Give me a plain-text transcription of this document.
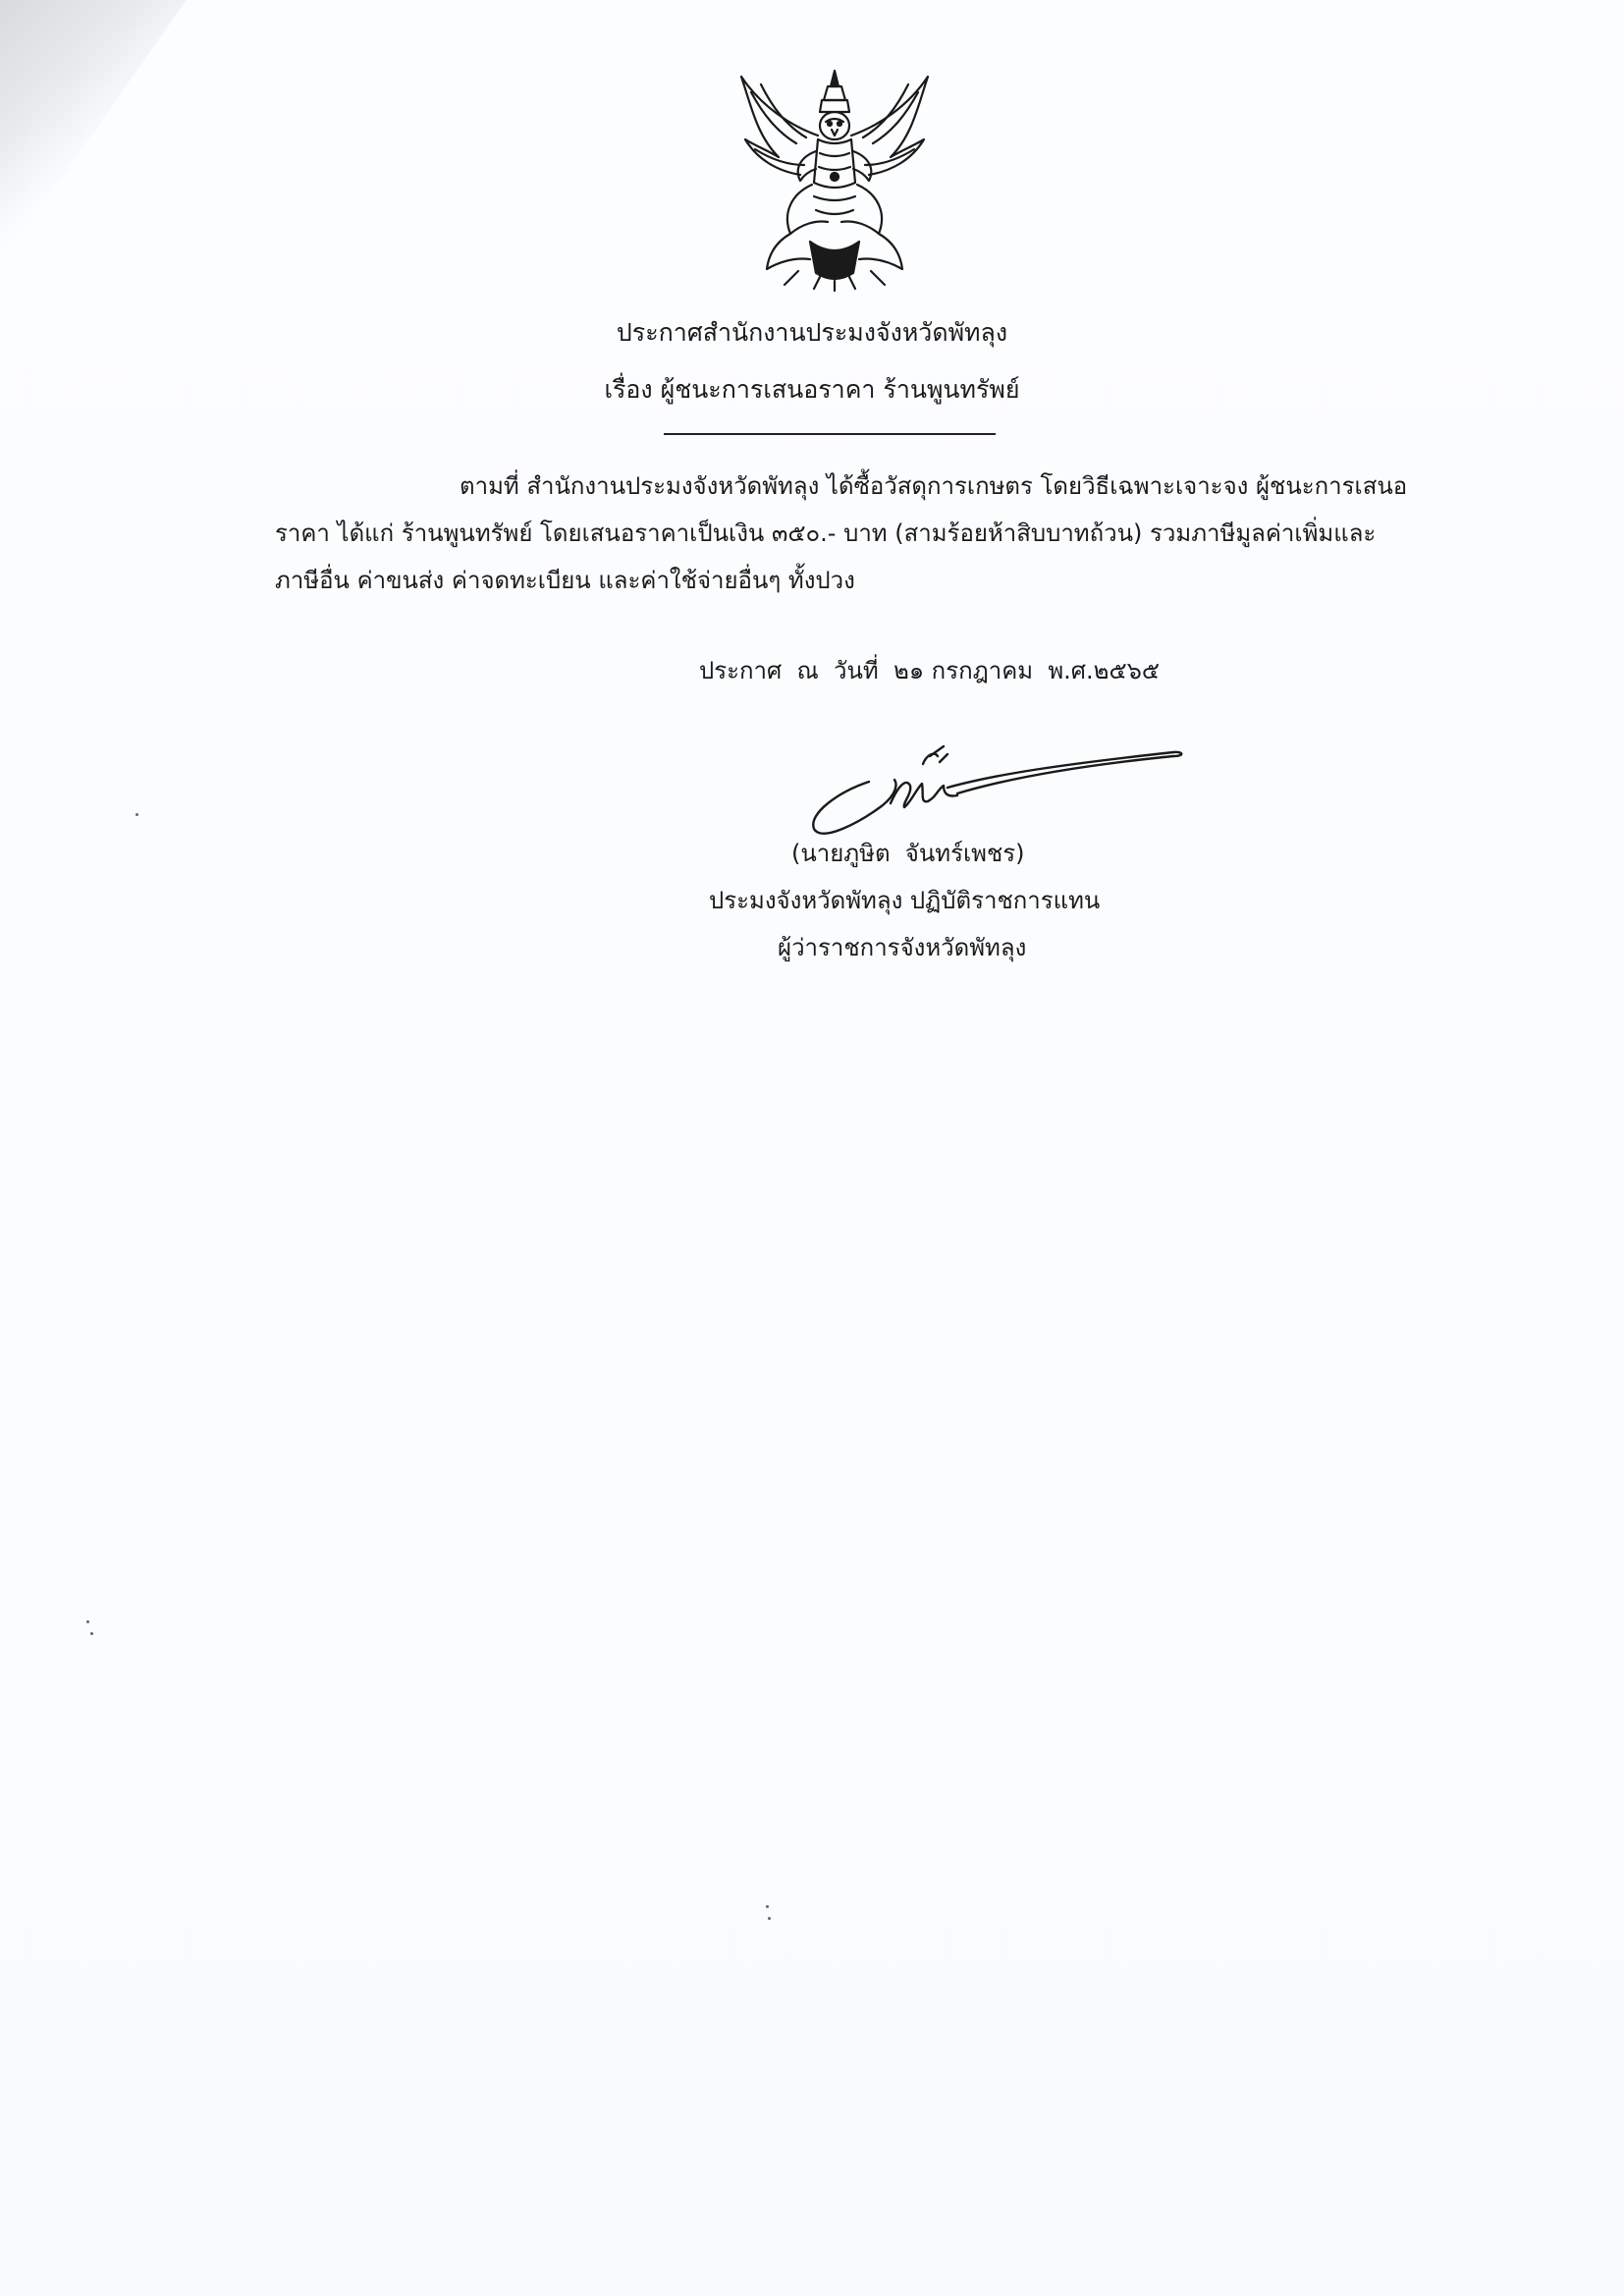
ประกาศสำนักงานประมงจังหวัดพัทลุง
เรื่อง ผู้ชนะการเสนอราคา ร้านพูนทรัพย์
ตามที่ สำนักงานประมงจังหวัดพัทลุง ได้ซื้อวัสดุการเกษตร โดยวิธีเฉพาะเจาะจง ผู้ชนะการเสนอ
ราคา ได้แก่ ร้านพูนทรัพย์ โดยเสนอราคาเป็นเงิน ๓๕๐.- บาท (สามร้อยห้าสิบบาทถ้วน) รวมภาษีมูลค่าเพิ่มและ
ภาษีอื่น ค่าขนส่ง ค่าจดทะเบียน และค่าใช้จ่ายอื่นๆ ทั้งปวง
ประกาศ  ณ  วันที่  ๒๑ กรกฎาคม  พ.ศ.๒๕๖๕
(นายภูษิต  จันทร์เพชร)
ประมงจังหวัดพัทลุง ปฏิบัติราชการแทน
ผู้ว่าราชการจังหวัดพัทลุง
